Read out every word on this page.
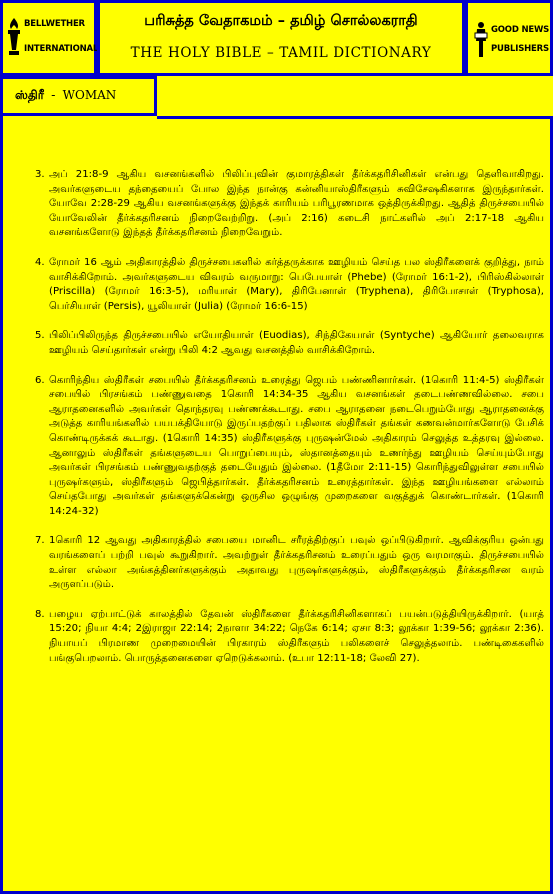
BELLWETHER
INTERNATIONAL
பரிசுத்த வேதாகமம் – தமிழ் சொல்லகராதி
THE HOLY BIBLE – TAMIL DICTIONARY
GOOD NEWS
PUBLISHERS
ஸ்திரீ - WOMAN
3. அப் 21:8-9 ஆகிய வசனங்களில் பிலிப்புவின் குமாரத்திகள் தீர்க்கதரிசினிகள் என்பது தெளிவாகிறது. அவர்களுடைய தந்தையைப் போல இந்த நான்கு கன்னியாஸ்திரீகளும் சுவிசேஷகிகளாக இருந்தார்கள். யோவே 2:28-29 ஆகிய வசனங்களுக்கு இந்தக் காரியம் பரிபூரணமாக ஒத்திருக்கிறது. ஆதித் திருச்சபையில் யோவேலின் தீர்க்கதரிசனம் நிறைவேற்றிறு. (அப் 2:16) கடைசி நாட்களில் அப் 2:17-18 ஆகிய வசனங்களோடு இந்தத் தீர்க்கதரிசனம் நிறைவேறும்.
4. ரோமர் 16 ஆம் அதிகாரத்தில் திருச்சபைகளில் கர்த்தருக்காக ஊழியம் செய்த பல ஸ்திரீகளைக் குறித்து, நாம் வாசிக்கிறோம். அவர்களுடைய விவரம் வருமாறு: பெபேயாள் (Phebe) (ரோமர் 16:1-2), பிரிஸ்கில்லாள் (Priscilla) (ரோமர் 16:3-5), மரியாள் (Mary), திரிபேனாள் (Tryphena), திரிபோசாள் (Tryphosa), பெர்சியாள் (Persis), யூலியாள் (Julia) (ரோமர் 16:6-15)
5. பிலிப்பிலிருந்த திருச்சபையில் எயோதியாள் (Euodias), சிந்திகேயாள் (Syntyche) ஆகியோர் தலைவராக ஊழியம் செய்தார்கள் என்று பிலி 4:2 ஆவது வசனத்தில் வாசிக்கிறோம்.
6. கொரிந்திய ஸ்திரீகள் சபையில் தீர்க்கதரிசனம் உரைத்து ஜெபம் பண்ணினார்கள். (1கொரி 11:4-5) ஸ்திரீகள் சபையில் பிரசங்கம் பண்ணுவதை 1கொரி 14:34-35 ஆகிய வசனங்கள் தடைபண்ணவில்லை. சபை ஆராதனைகளில் அவர்கள் தொந்தரவு பண்ணக்கூடாது. சபை ஆராதனை நடைபெறும்போது ஆராதனைக்கு அடுத்த காரியங்களில் பயபக்தியோடு இருப்பதற்குப் பதிலாக ஸ்திரீகள் தங்கள் கணவன்மார்களோடு பேசிக் கொண்டிருக்கக் கூடாது. (1கொரி 14:35) ஸ்திரீகளுக்கு புருஷன்மேல் அதிகாரம் செலுத்த உத்தரவு இல்லை. ஆனாலும் ஸ்திரீகள் தங்களுடைய பொறுப்பையும், ஸ்தானத்தையும் உணர்ந்து ஊழியம் செய்யும்போது அவர்கள் பிரசங்கம் பண்ணுவதற்குத் தடையேதும் இல்லை. (1தீமோ 2:11-15) கொரிந்துவிலுள்ள சபையில் புருஷர்களும், ஸ்திரீகளும் ஜெபித்தார்கள். தீர்க்கதரிசனம் உரைத்தார்கள். இந்த ஊழியங்களை எல்லாம் செய்தபோது அவர்கள் தங்களுக்கென்று ஒருசில ஒழுங்கு முறைகளை வகுத்துக் கொண்டார்கள். (1கொரி 14:24-32)
7. 1கொரி 12 ஆவது அதிகாரத்தில் சபையை மானிட சரீரத்திற்குப் பவுல் ஒப்பிடுகிறார். ஆவிக்குரிய ஒன்பது வரங்களைப் பற்றி பவுல் கூறுகிறார். அவற்றுள் தீர்க்கதரிசனம் உரைப்பதும் ஒரு வரமாகும். திருச்சபையில் உள்ள எல்லா அங்கத்தினர்களுக்கும் அதாவது புருஷர்களுக்கும், ஸ்திரீகளுக்கும் தீர்க்கதரிசன வரம் அருளப்படும்.
8. பழைய ஏற்பாட்டுக் காலத்தில் தேவன் ஸ்திரீகளை தீர்க்கதரிசினிகளாகப் பயன்படுத்தியிருக்கிறார். (யாத் 15:20; நியா 4:4; 2இராஜா 22:14; 2நாளா 34:22; நெகே 6:14; ஏசா 8:3; லூக்கா 1:39-56; லூக்கா 2:36). நியாயப் பிரமாண முறைமையின் பிரகாரம் ஸ்திரீகளும் பலிகளைச் செலுத்தலாம். பண்டிகைகளில் பங்குபெறலாம். பொருத்தனைகளை ஏறெடுக்கலாம். (உபா 12:11-18; லேவி 27).
